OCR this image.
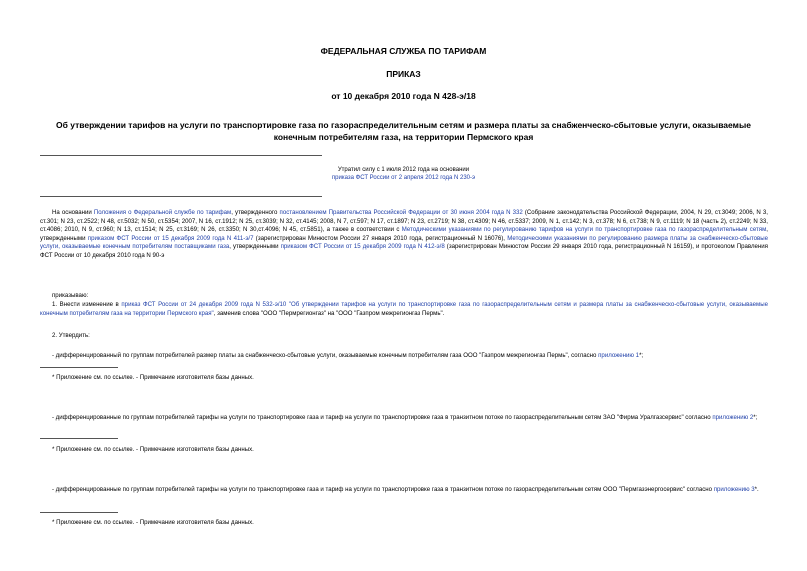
ФЕДЕРАЛЬНАЯ СЛУЖБА ПО ТАРИФАМ
ПРИКАЗ
от 10 декабря 2010 года N 428-э/18
Об утверждении тарифов на услуги по транспортировке газа по газораспределительным сетям и размера платы за снабженческо-сбытовые услуги, оказываемые конечным потребителям газа, на территории Пермского края
Утратил силу с 1 июля 2012 года на основании
приказа ФСТ России от 2 апреля 2012 года N 230-э
На основании Положения о Федеральной службе по тарифам, утвержденного постановлением Правительства Российской Федерации от 30 июня 2004 года N 332 (Собрание законодательства Российской Федерации, 2004, N 29, ст.3049; 2006, N 3, ст.301; N 23, ст.2522; N 48, ст.5032; N 50, ст.5354; 2007, N 16, ст.1912; N 25, ст.3039; N 32, ст.4145; 2008, N 7, ст.597; N 17, ст.1897; N 23, ст.2719; N 38, ст.4309; N 46, ст.5337; 2009, N 1, ст.142; N 3, ст.378; N 6, ст.738; N 9, ст.1119; N 18 (часть 2), ст.2249; N 33, ст.4086; 2010, N 9, ст.960; N 13, ст.1514; N 25, ст.3169; N 26, ст.3350; N 30,ст.4096; N 45, ст.5851), а также в соответствии с Методическими указаниями по регулированию тарифов на услуги по транспортировке газа по газораспределительным сетям, утвержденными приказом ФСТ России от 15 декабря 2009 года N 411-э/7 (зарегистрирован Минюстом России 27 января 2010 года, регистрационный N 16076), Методическими указаниями по регулированию размера платы за снабженческо-сбытовые услуги, оказываемые конечным потребителям поставщиками газа, утвержденными приказом ФСТ России от 15 декабря 2009 года N 412-э/8 (зарегистрирован Минюстом России 29 января 2010 года, регистрационный N 16159), и протоколом Правления ФСТ России от 10 декабря 2010 года N 90-э
приказываю:
1. Внести изменение в приказ ФСТ России от 24 декабря 2009 года N 532-э/10 "Об утверждении тарифов на услуги по транспортировке газа по газораспределительным сетям и размера платы за снабженческо-сбытовые услуги, оказываемые конечным потребителям газа на территории Пермского края", заменив слова "ООО "Пермрегионгаз" на "ООО "Газпром межрегионгаз Пермь".
2. Утвердить:
- дифференцированный по группам потребителей размер платы за снабженческо-сбытовые услуги, оказываемые конечным потребителям газа ООО "Газпром межрегионгаз Пермь", согласно приложению 1*;
* Приложение см. по ссылке. - Примечание изготовителя базы данных.
- дифференцированные по группам потребителей тарифы на услуги по транспортировке газа и тариф на услуги по транспортировке газа в транзитном потоке по газораспределительным сетям ЗАО "Фирма Уралгазсервис" согласно приложению 2*;
* Приложение см. по ссылке. - Примечание изготовителя базы данных.
- дифференцированные по группам потребителей тарифы на услуги по транспортировке газа и тариф на услуги по транспортировке газа в транзитном потоке по газораспределительным сетям ООО "Пермгазэнергосервис" согласно приложению 3*.
* Приложение см. по ссылке. - Примечание изготовителя базы данных.
